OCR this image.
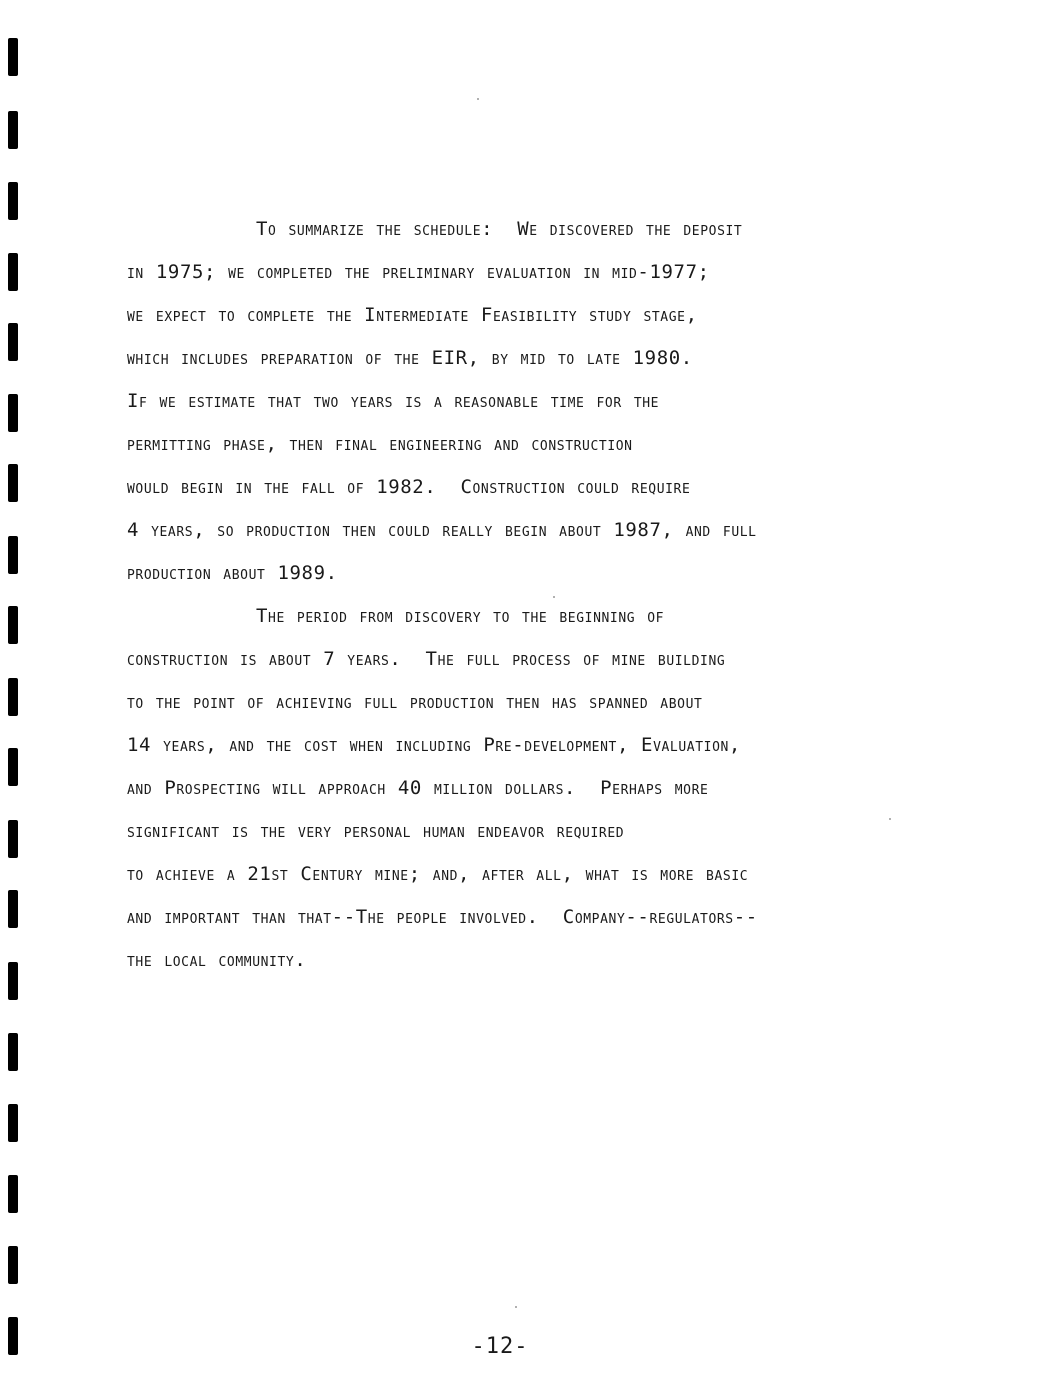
To summarize the schedule:  We discovered the deposit
in 1975; we completed the preliminary evaluation in mid-1977;
we expect to complete the Intermediate Feasibility study stage,
which includes preparation of the EIR, by mid to late 1980.
If we estimate that two years is a reasonable time for the
permitting phase, then final engineering and construction
would begin in the fall of 1982.  Construction could require
4 years, so production then could really begin about 1987, and full
production about 1989.
The period from discovery to the beginning of
construction is about 7 years.  The full process of mine building
to the point of achieving full production then has spanned about
14 years, and the cost when including Pre-development, Evaluation,
and Prospecting will approach 40 million dollars.  Perhaps more
significant is the very personal human endeavor required
to achieve a 21st Century mine; and, after all, what is more basic
and important than that--The people involved.  Company--regulators--
the local community.
-12-
